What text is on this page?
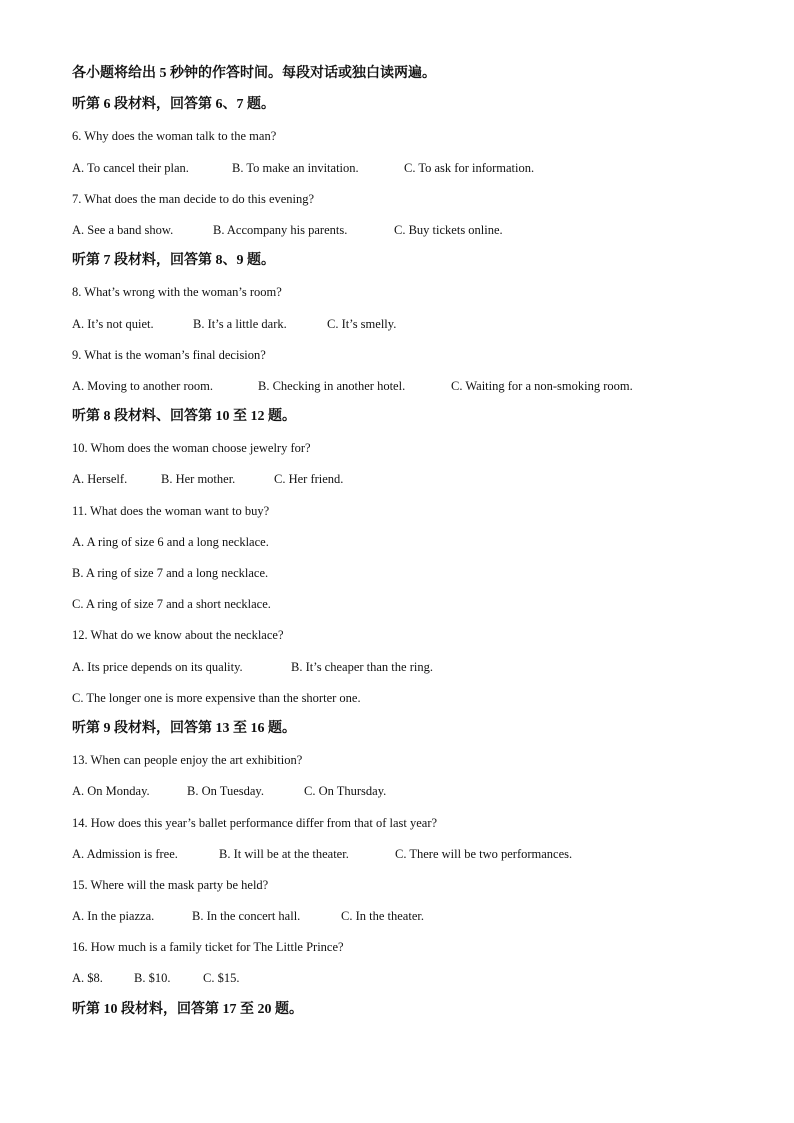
各小题将给出 5 秒钟的作答时间。每段对话或独白读两遍。
听第 6 段材料，回答第 6、7 题。
6. Why does the woman talk to the man?
A. To cancel their plan.	B. To make an invitation.	C. To ask for information.
7. What does the man decide to do this evening?
A. See a band show.	B. Accompany his parents.	C. Buy tickets online.
听第 7 段材料，回答第 8、9 题。
8. What’s wrong with the woman’s room?
A. It’s not quiet.	B. It’s a little dark.	C. It’s smelly.
9. What is the woman’s final decision?
A. Moving to another room.	B. Checking in another hotel.	C. Waiting for a non-smoking room.
听第 8 段材料、回答第 10 至 12 题。
10. Whom does the woman choose jewelry for?
A. Herself.	B. Her mother.	C. Her friend.
11. What does the woman want to buy?
A. A ring of size 6 and a long necklace.
B. A ring of size 7 and a long necklace.
C. A ring of size 7 and a short necklace.
12. What do we know about the necklace?
A. Its price depends on its quality.	B. It’s cheaper than the ring.
C. The longer one is more expensive than the shorter one.
听第 9 段材料，回答第 13 至 16 题。
13. When can people enjoy the art exhibition?
A. On Monday.	B. On Tuesday.	C. On Thursday.
14. How does this year’s ballet performance differ from that of last year?
A. Admission is free.	B. It will be at the theater.	C. There will be two performances.
15. Where will the mask party be held?
A. In the piazza.	B. In the concert hall.	C. In the theater.
16. How much is a family ticket for The Little Prince?
A. $8. B. $10.	C. $15.
听第 10 段材料，回答第 17 至 20 题。
